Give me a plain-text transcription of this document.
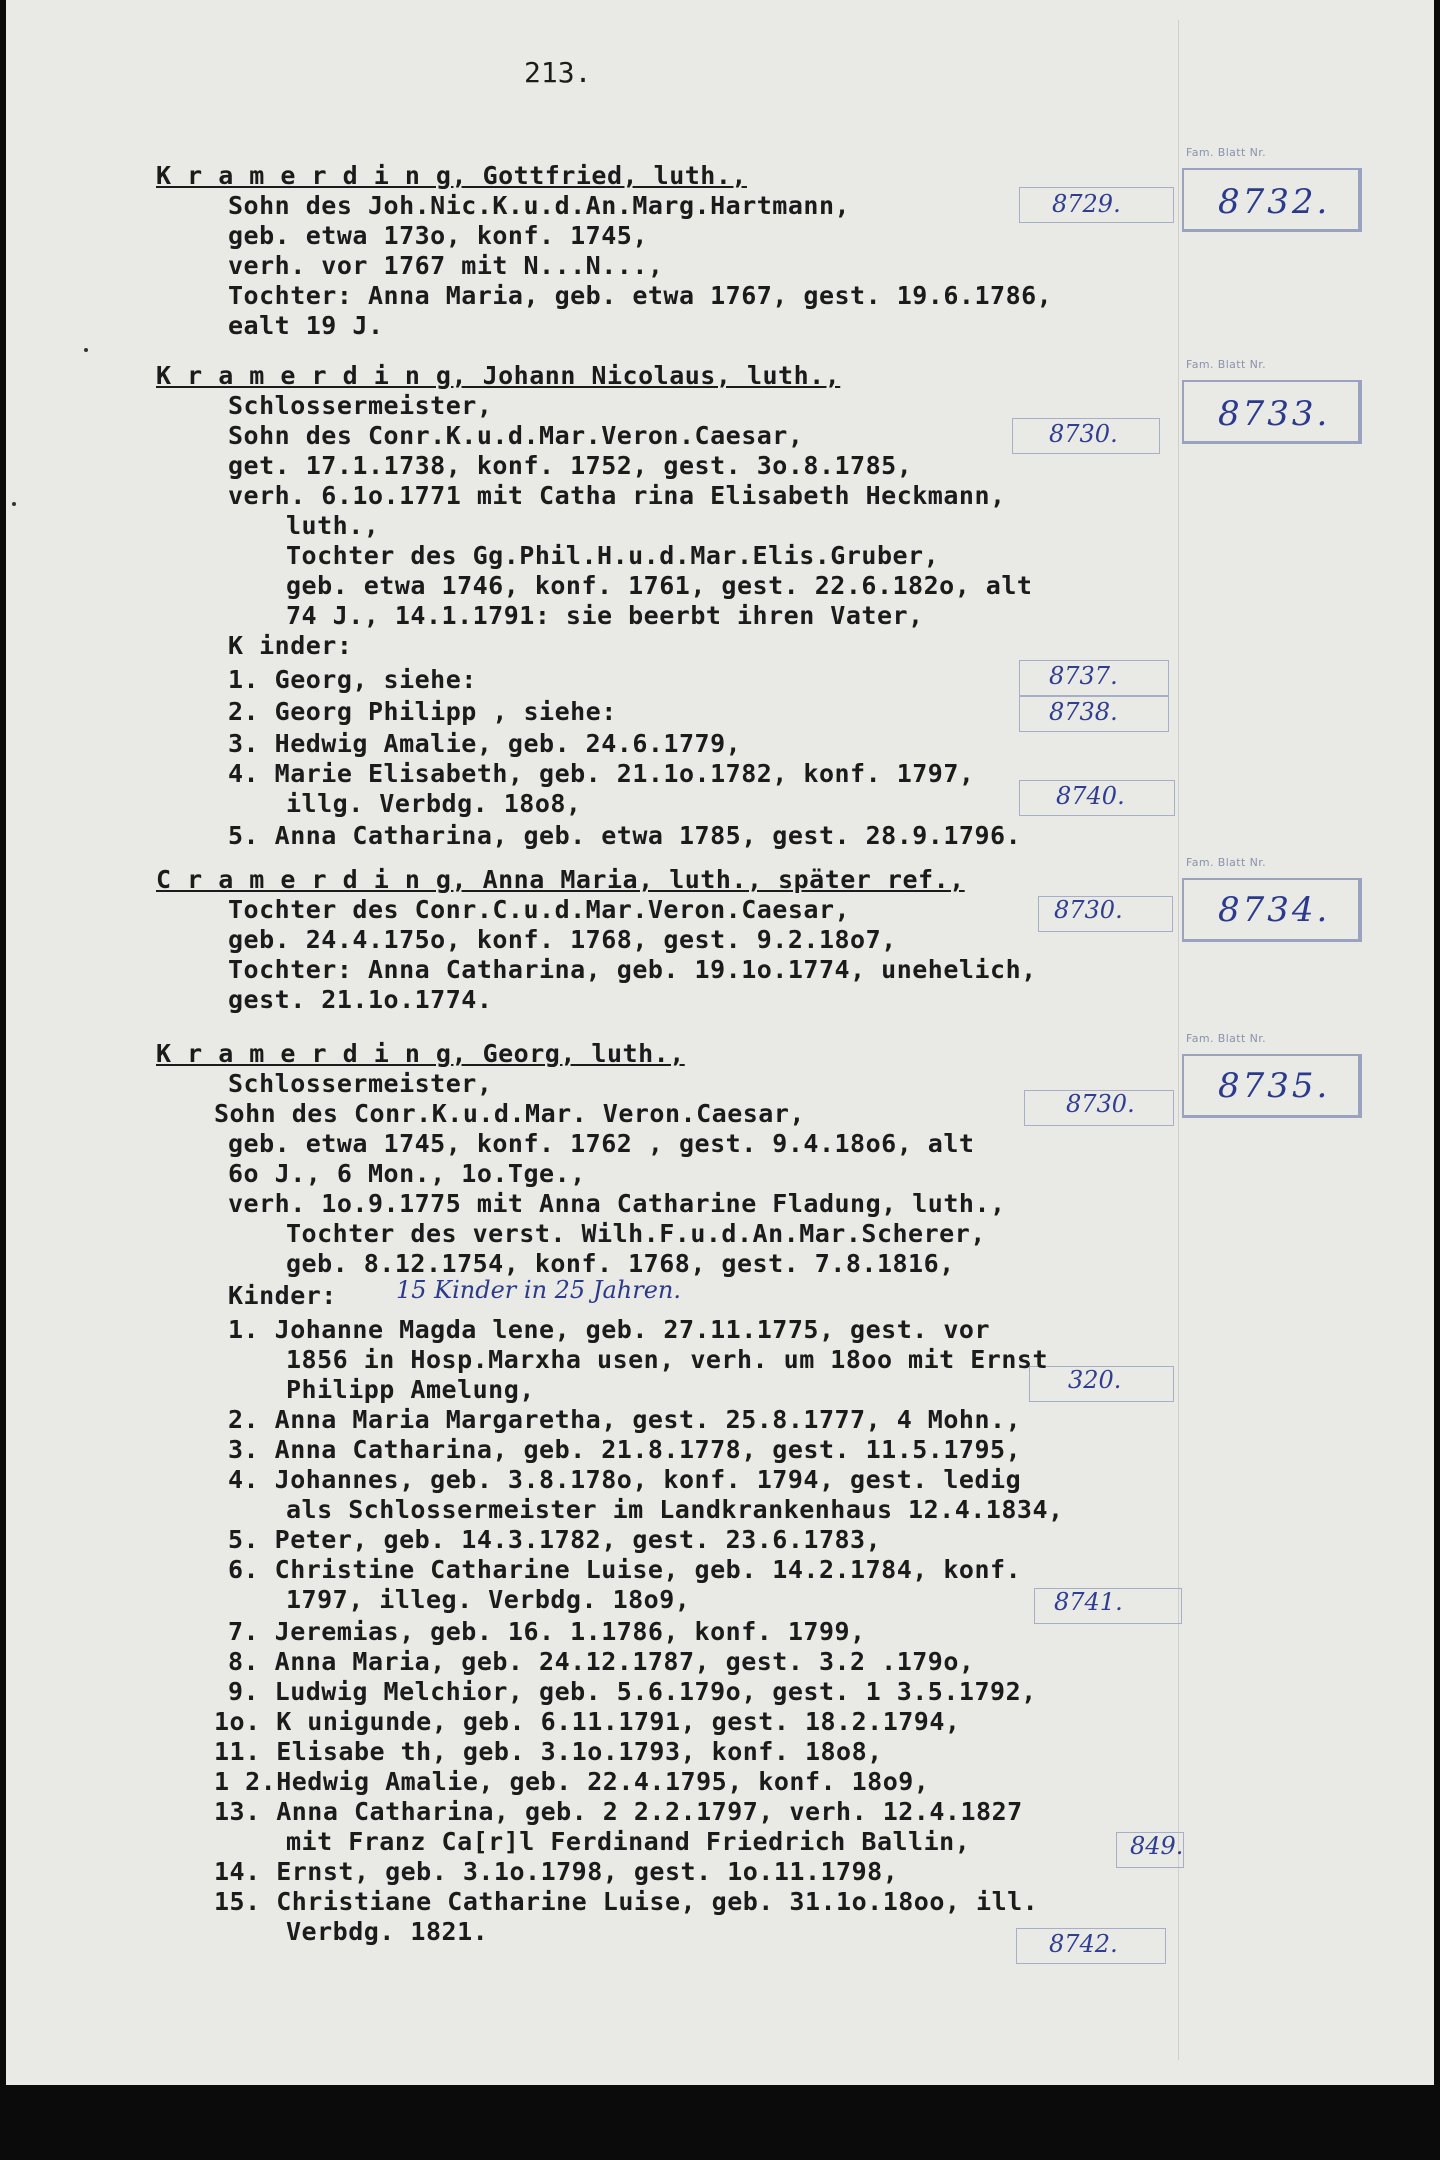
213.
Fam. Blatt Nr.
8732.
Fam. Blatt Nr.
8733.
Fam. Blatt Nr.
8734.
Fam. Blatt Nr.
8735.
8729.
8730.
8737.
8738.
8740.
8730.
8730.
320.
8741.
849.
8742.
K r a m e r d i n g, Gottfried, luth.,
Sohn des Joh.Nic.K.u.d.An.Marg.Hartmann,
geb. etwa 173o, konf. 1745,
verh. vor 1767 mit N...N...,
Tochter: Anna Maria, geb. etwa 1767, gest. 19.6.1786,
ealt 19 J.
K r a m e r d i n g, Johann Nicolaus, luth.,
Schlossermeister,
Sohn des Conr.K.u.d.Mar.Veron.Caesar,
get. 17.1.1738, konf. 1752, gest. 3o.8.1785,
verh. 6.1o.1771 mit Catha rina Elisabeth Heckmann,
luth.,
Tochter des Gg.Phil.H.u.d.Mar.Elis.Gruber,
geb. etwa 1746, konf. 1761, gest. 22.6.182o, alt
74 J., 14.1.1791: sie beerbt ihren Vater,
K inder:
1. Georg, siehe:
2. Georg Philipp , siehe:
3. Hedwig Amalie, geb. 24.6.1779,
4. Marie Elisabeth, geb. 21.1o.1782, konf. 1797,
illg. Verbdg. 18o8,
5. Anna Catharina, geb. etwa 1785, gest. 28.9.1796.
C r a m e r d i n g, Anna Maria, luth., später ref.,
Tochter des Conr.C.u.d.Mar.Veron.Caesar,
geb. 24.4.175o, konf. 1768, gest. 9.2.18o7,
Tochter: Anna Catharina, geb. 19.1o.1774, unehelich,
gest. 21.1o.1774.
K r a m e r d i n g, Georg, luth.,
Schlossermeister,
Sohn des Conr.K.u.d.Mar. Veron.Caesar,
geb. etwa 1745, konf. 1762 , gest. 9.4.18o6, alt
6o J., 6 Mon., 1o.Tge.,
verh. 1o.9.1775 mit Anna Catharine Fladung, luth.,
Tochter des verst. Wilh.F.u.d.An.Mar.Scherer,
geb. 8.12.1754, konf. 1768, gest. 7.8.1816,
Kinder: 15 Kinder in 25 Jahren.
1. Johanne Magda lene, geb. 27.11.1775, gest. vor
1856 in Hosp.Marxha usen, verh. um 18oo mit Ernst
Philipp Amelung,
2. Anna Maria Margaretha, gest. 25.8.1777, 4 Mohn.,
3. Anna Catharina, geb. 21.8.1778, gest. 11.5.1795,
4. Johannes, geb. 3.8.178o, konf. 1794, gest. ledig
als Schlossermeister im Landkrankenhaus 12.4.1834,
5. Peter, geb. 14.3.1782, gest. 23.6.1783,
6. Christine Catharine Luise, geb. 14.2.1784, konf.
1797, illeg. Verbdg. 18o9,
7. Jeremias, geb. 16. 1.1786, konf. 1799,
8. Anna Maria, geb. 24.12.1787, gest. 3.2 .179o,
9. Ludwig Melchior, geb. 5.6.179o, gest. 1 3.5.1792,
1o. K unigunde, geb. 6.11.1791, gest. 18.2.1794,
11. Elisabe th, geb. 3.1o.1793, konf. 18o8,
1 2.Hedwig Amalie, geb. 22.4.1795, konf. 18o9,
13. Anna Catharina, geb. 2 2.2.1797, verh. 12.4.1827
mit Franz Ca[r]l Ferdinand Friedrich Ballin,
14. Ernst, geb. 3.1o.1798, gest. 1o.11.1798,
15. Christiane Catharine Luise, geb. 31.1o.18oo, ill.
Verbdg. 1821.
